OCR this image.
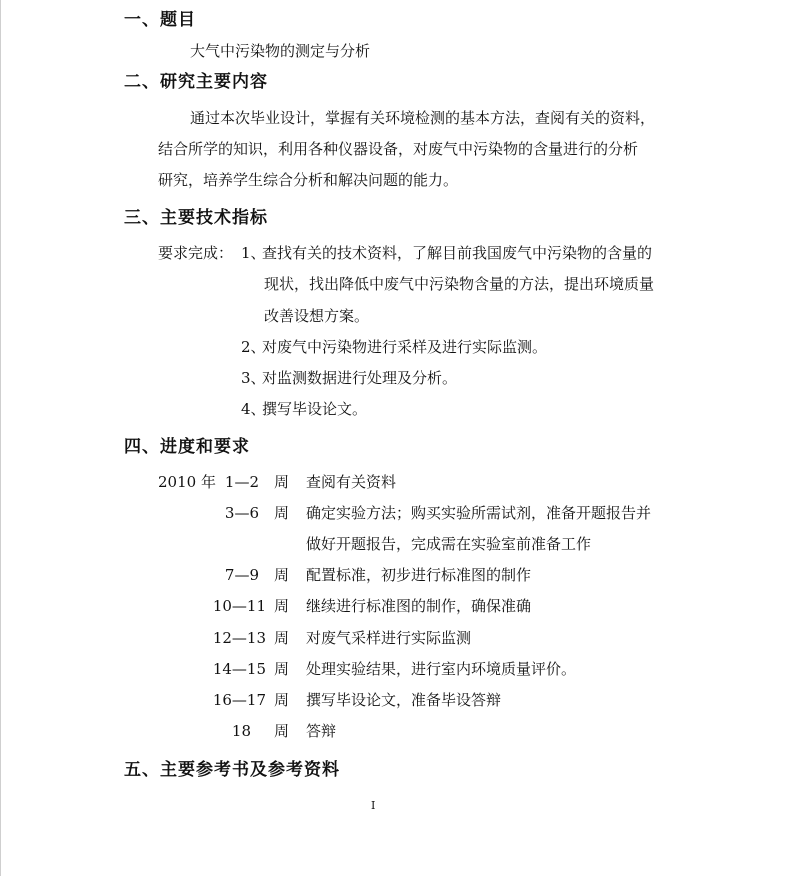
一、题目
大气中污染物的测定与分析
二、研究主要内容
通过本次毕业设计，掌握有关环境检测的基本方法，查阅有关的资料，
结合所学的知识，利用各种仪器设备，对废气中污染物的含量进行的分析
研究，培养学生综合分析和解决问题的能力。
三、主要技术指标
要求完成： 1、
查找有关的技术资料，了解目前我国废气中污染物的含量的
现状，找出降低中废气中污染物含量的方法，提出环境质量
改善设想方案。
2、
对废气中污染物进行采样及进行实际监测。
3、
对监测数据进行处理及分析。
4、
撰写毕设论文。
四、进度和要求
2010 年 1—2 周 查阅有关资料
3—6 周 确定实验方法；购买实验所需试剂，准备开题报告并
做好开题报告，完成需在实验室前准备工作
7—9 周 配置标准，初步进行标准图的制作
10—11 周 继续进行标准图的制作，确保准确
12—13 周 对废气采样进行实际监测
14—15 周 处理实验结果，进行室内环境质量评价。
16—17 周 撰写毕设论文，准备毕设答辩
18 周 答辩
五、主要参考书及参考资料
I
